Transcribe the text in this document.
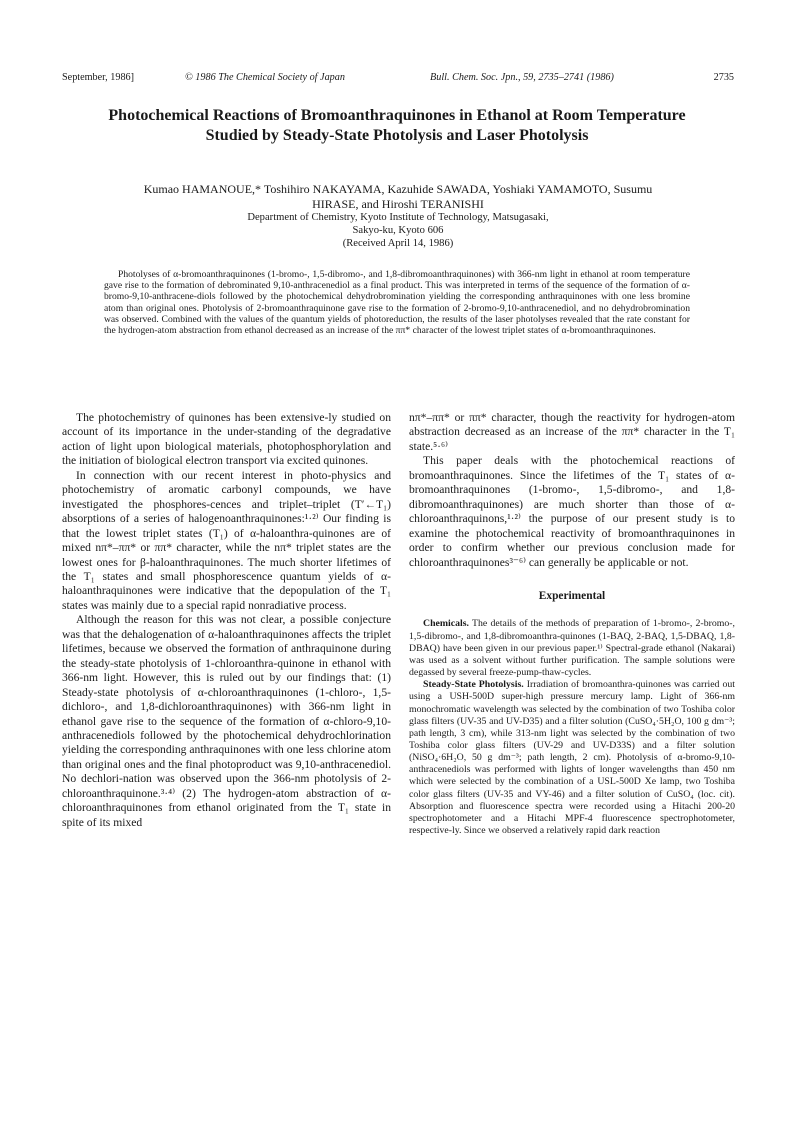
September, 1986]	© 1986 The Chemical Society of Japan	Bull. Chem. Soc. Jpn., 59, 2735–2741 (1986)	2735
Photochemical Reactions of Bromoanthraquinones in Ethanol at Room Temperature Studied by Steady-State Photolysis and Laser Photolysis
Kumao HAMANOUE,* Toshihiro NAKAYAMA, Kazuhide SAWADA, Yoshiaki YAMAMOTO, Susumu HIRASE, and Hiroshi TERANISHI
Department of Chemistry, Kyoto Institute of Technology, Matsugasaki,
Sakyo-ku, Kyoto 606
(Received April 14, 1986)

Photolyses of α-bromoanthraquinones (1-bromo-, 1,5-dibromo-, and 1,8-dibromoanthraquinones) with 366-nm light in ethanol at room temperature gave rise to the formation of debrominated 9,10-anthracenediol as a final product. This was interpreted in terms of the sequence of the formation of α-bromo-9,10-anthracene-diols followed by the photochemical dehydrobromination yielding the corresponding anthraquinones with one less bromine atom than original ones. Photolysis of 2-bromoanthraquinone gave rise to the formation of 2-bromo-9,10-anthracenediol, and no dehydrobromination was observed. Combined with the values of the quantum yields of photoreduction, the results of the laser photolyses revealed that the rate constant for the hydrogen-atom abstraction from ethanol decreased as an increase of the ππ* character of the lowest triplet states of α-bromoanthraquinones.

The photochemistry of quinones has been extensive-ly studied on account of its importance in the under-standing of the degradative action of light upon biological materials, photophosphorylation and the initiation of biological electron transport via excited quinones.

In connection with our recent interest in photo-physics and photochemistry of aromatic carbonyl compounds, we have investigated the phosphores-cences and triplet–triplet (T′←T₁) absorptions of a series of halogenoanthraquinones:¹·²⁾ Our finding is that the lowest triplet states (T₁) of α-haloanthra-quinones are of mixed nπ*–ππ* or ππ* character, while the nπ* triplet states are the lowest ones for β-haloanthraquinones. The much shorter lifetimes of the T₁ states and small phosphorescence quantum yields of α-haloanthraquinones were indicative that the depopulation of the T₁ states was mainly due to a special rapid nonradiative process.

Although the reason for this was not clear, a possible conjecture was that the dehalogenation of α-haloanthraquinones affects the triplet lifetimes, because we observed the formation of anthraquinone during the steady-state photolysis of 1-chloroanthra-quinone in ethanol with 366-nm light. However, this is ruled out by our findings that: (1) Steady-state photolysis of α-chloroanthraquinones (1-chloro-, 1,5-dichloro-, and 1,8-dichloroanthraquinones) with 366-nm light in ethanol gave rise to the sequence of the formation of α-chloro-9,10-anthracenediols followed by the photochemical dehydrochlorination yielding the corresponding anthraquinones with one less chlorine atom than original ones and the final photoproduct was 9,10-anthracenediol. No dechlori-nation was observed upon the 366-nm photolysis of 2-chloroanthraquinone.³·⁴⁾ (2) The hydrogen-atom abstraction of α-chloroanthraquinones from ethanol originated from the T₁ state in spite of its mixed

nπ*–ππ* or ππ* character, though the reactivity for hydrogen-atom abstraction decreased as an increase of the ππ* character in the T₁ state.⁵·⁶⁾

This paper deals with the photochemical reactions of bromoanthraquinones. Since the lifetimes of the T₁ states of α-bromoanthraquinones (1-bromo-, 1,5-dibromo-, and 1,8-dibromoanthraquinones) are much shorter than those of α-chloroanthraquinons,¹·²⁾ the purpose of our present study is to examine the photochemical reactivity of bromoanthraquinones in order to confirm whether our previous conclusion made for chloroanthraquinones³⁻⁶⁾ can generally be applicable or not.

Experimental

Chemicals. The details of the methods of preparation of 1-bromo-, 2-bromo-, 1,5-dibromo-, and 1,8-dibromoanthra-quinones (1-BAQ, 2-BAQ, 1,5-DBAQ, 1,8-DBAQ) have been given in our previous paper.¹⁾ Spectral-grade ethanol (Nakarai) was used as a solvent without further purification. The sample solutions were degassed by several freeze-pump-thaw-cycles.

Steady-State Photolysis. Irradiation of bromoanthra-quinones was carried out using a USH-500D super-high pressure mercury lamp. Light of 366-nm monochromatic wavelength was selected by the combination of two Toshiba color glass filters (UV-35 and UV-D35) and a filter solution (CuSO₄·5H₂O, 100 g dm⁻³; path length, 3 cm), while 313-nm light was selected by the combination of two Toshiba color glass filters (UV-29 and UV-D33S) and a filter solution (NiSO₄·6H₂O, 50 g dm⁻³; path length, 2 cm). Photolysis of α-bromo-9,10-anthracenediols was performed with lights of longer wavelengths than 450 nm which were selected by the combination of a USL-500D Xe lamp, two Toshiba color glass filters (UV-35 and VY-46) and a filter solution of CuSO₄ (loc. cit). Absorption and fluorescence spectra were recorded using a Hitachi 200-20 spectrophotometer and a Hitachi MPF-4 fluorescence spectrophotometer, respective-ly. Since we observed a relatively rapid dark reaction
